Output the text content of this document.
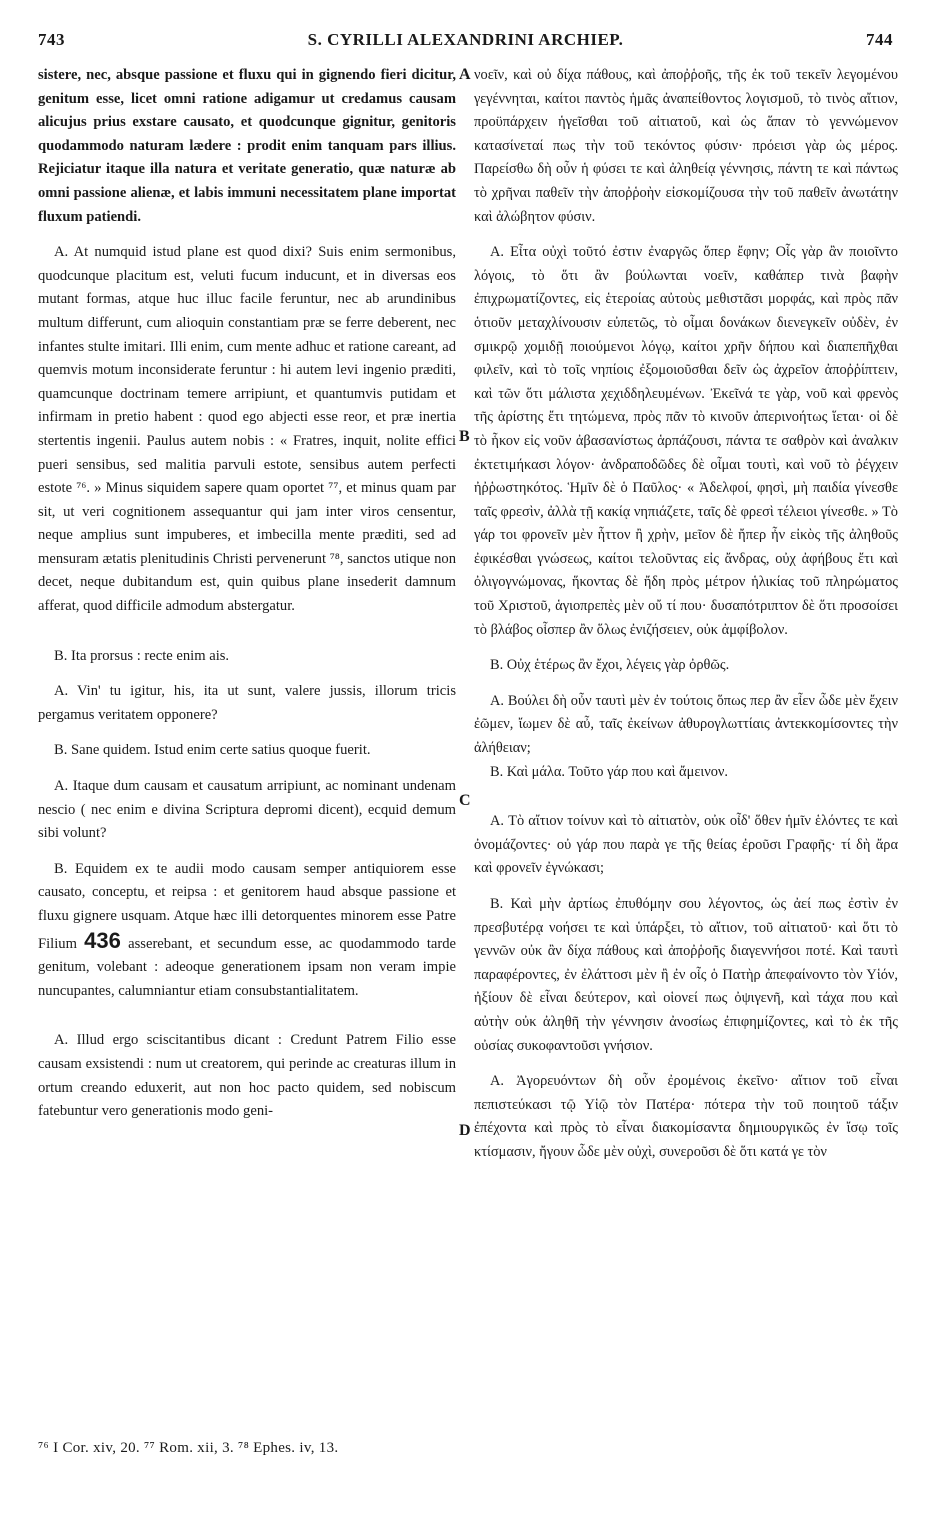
743	S. CYRILLI ALEXANDRINI ARCHIEP.	744
A
B
C
D

sistere, nec, absque passione et fluxu qui in gignendo fieri dicitur, genitum esse, licet omni ratione adigamur ut credamus causam alicujus prius exstare causato, et quodcunque gignitur, genitoris quodammodo naturam lædere : prodit enim tanquam pars illius. Rejiciatur itaque illa natura et veritate generatio, quæ naturæ ab omni passione alienæ, et labis immuni necessitatem plane importat fluxum patiendi.

A. At numquid istud plane est quod dixi? Suis enim sermonibus, quodcunque placitum est, veluti fucum inducunt, et in diversas eos mutant formas, atque huc illuc facile feruntur, nec ab arundinibus multum differunt, cum alioquin constantiam præ se ferre deberent, nec infantes stulte imitari. Illi enim, cum mente adhuc et ratione careant, ad quemvis motum inconsiderate feruntur : hi autem levi ingenio præditi, quamcunque doctrinam temere arripiunt, et quantumvis putidam et infirmam in pretio habent : quod ego abjecti esse reor, et præ inertia stertentis ingenii. Paulus autem nobis : « Fratres, inquit, nolite effici pueri sensibus, sed malitia parvuli estote, sensibus autem perfecti estote ⁷⁶. » Minus siquidem sapere quam oportet ⁷⁷, et minus quam par sit, ut veri cognitionem assequantur qui jam inter viros censentur, neque amplius sunt impuberes, et imbecilla mente præditi, sed ad mensuram ætatis plenitudinis Christi pervenerunt ⁷⁸, sanctos utique non decet, neque dubitandum est, quin quibus plane insederit damnum afferat, quod difficile admodum abstergatur.

B. Ita prorsus : recte enim ais.

A. Vin' tu igitur, his, ita ut sunt, valere jussis, illorum tricis pergamus veritatem opponere?

B. Sane quidem. Istud enim certe satius quoque fuerit.

A. Itaque dum causam et causatum arripiunt, ac nominant undenam nescio ( nec enim e divina Scriptura depromi dicent), ecquid demum sibi volunt?

B. Equidem ex te audii modo causam semper antiquiorem esse causato, conceptu, et reipsa : et genitorem haud absque passione et fluxu gignere usquam. Atque hæc illi detorquentes minorem esse Patre Filium 436 asserebant, et secundum esse, ac quodammodo tarde genitum, volebant : adeoque generationem ipsam non veram impie nuncupantes, calumniantur etiam consubstantialitatem.

A. Illud ergo sciscitantibus dicant : Credunt Patrem Filio esse causam exsistendi : num ut creatorem, qui perinde ac creaturas illum in ortum creando eduxerit, aut non hoc pacto quidem, sed nobiscum fatebuntur vero generationis modo geni-

νοεῖν, καὶ οὐ δίχα πάθους, καὶ ἀποῤῥοῆς, τῆς ἐκ τοῦ τεκεῖν λεγομένου γεγέννηται, καίτοι παντὸς ἡμᾶς ἀναπείθοντος λογισμοῦ, τὸ τινὸς αἴτιον, προϋπάρχειν ἡγεῖσθαι τοῦ αἰτιατοῦ, καὶ ὡς ἅπαν τὸ γεννώμενον κατασίνεταί πως τὴν τοῦ τεκόντος φύσιν· πρόεισι γὰρ ὡς μέρος. Παρείσθω δὴ οὖν ἡ φύσει τε καὶ ἀληθείᾳ γέννησις, πάντη τε καὶ πάντως τὸ χρῆναι παθεῖν τὴν ἀποῤῥοὴν εἰσκομίζουσα τὴν τοῦ παθεῖν ἀνωτάτην καὶ ἀλώβητον φύσιν.

A. Εἶτα οὐχὶ τοῦτό ἐστιν ἐναργῶς ὅπερ ἔφην; Οἷς γὰρ ἂν ποιοῖντο λόγοις, τὸ ὅτι ἂν βούλωνται νοεῖν, καθάπερ τινὰ βαφὴν ἐπιχρωματίζοντες, εἰς ἑτεροίας αὐτοὺς μεθιστᾶσι μορφάς, καὶ πρὸς πᾶν ὁτιοῦν μεταχλίνουσιν εὐπετῶς, τὸ οἶμαι δονάκων διενεγκεῖν οὐδὲν, ἐν σμικρῷ χομιδῇ ποιούμενοι λόγῳ, καίτοι χρῆν δήπου καὶ διαπεπῆχθαι φιλεῖν, καὶ τὸ τοῖς νηπίοις ἐξομοιοῦσθαι δεῖν ὡς ἀχρεῖον ἀποῤῥίπτειν, καὶ τῶν ὅτι μάλιστα χεχιδδηλευμένων. Ἐκεῖνά τε γὰρ, νοῦ καὶ φρενὸς τῆς ἀρίστης ἔτι τητώμενα, πρὸς πᾶν τὸ κινοῦν ἀπερινοήτως ἵεται· οἱ δὲ τὸ ἧκον εἰς νοῦν ἀβασανίστως ἁρπάζουσι, πάντα τε σαθρὸν καὶ ἀναλκιν ἐκτετιμήκασι λόγον· ἀνδραποδῶδες δὲ οἶμαι τουτὶ, καὶ νοῦ τὸ ῥέγχειν ἠῤῥωστηκότος. Ἡμῖν δὲ ὁ Παῦλος· « Ἀδελφοί, φησὶ, μὴ παιδία γίνεσθε ταῖς φρεσὶν, ἀλλὰ τῇ κακίᾳ νηπιάζετε, ταῖς δὲ φρεσὶ τέλειοι γίνεσθε. » Τὸ γάρ τοι φρονεῖν μὲν ἧττον ἢ χρὴν, μεῖον δὲ ἤπερ ἦν εἰκὸς τῆς ἀληθοῦς ἐφικέσθαι γνώσεως, καίτοι τελοῦντας εἰς ἄνδρας, οὐχ ἀφήβους ἔτι καὶ ὀλιγογνώμονας, ἥκοντας δὲ ἤδη πρὸς μέτρον ἡλικίας τοῦ πληρώματος τοῦ Χριστοῦ, ἁγιοπρεπὲς μὲν οὔ τί που· δυσαπότριπτον δὲ ὅτι προσοίσει τὸ βλάβος οἷσπερ ἂν ὅλως ἐνιζήσειεν, οὐκ ἀμφίβολον.

B. Οὐχ ἑτέρως ἂν ἔχοι, λέγεις γὰρ ὀρθῶς.

A. Βούλει δὴ οὖν ταυτὶ μὲν ἐν τούτοις ὅπως περ ἂν εἶεν ὧδε μὲν ἔχειν ἐῶμεν, ἴωμεν δὲ αὖ, ταῖς ἐκείνων ἀθυρογλωττίαις ἀντεκκομίσοντες τὴν ἀλήθειαν;

B. Καὶ μάλα. Τοῦτο γάρ που καὶ ἄμεινον.

A. Τὸ αἴτιον τοίνυν καὶ τὸ αἰτιατὸν, οὐκ οἶδ' ὅθεν ἡμῖν ἑλόντες τε καὶ ὀνομάζοντες· οὐ γάρ που παρὰ γε τῆς θείας ἐροῦσι Γραφῆς· τί δὴ ἄρα καὶ φρονεῖν ἐγνώκασι;

B. Καὶ μὴν ἀρτίως ἐπυθόμην σου λέγοντος, ὡς ἀεί πως ἐστὶν ἐν πρεσβυτέρᾳ νοήσει τε καὶ ὑπάρξει, τὸ αἴτιον, τοῦ αἰτιατοῦ· καὶ ὅτι τὸ γεννῶν οὐκ ἂν δίχα πάθους καὶ ἀποῤῥοῆς διαγεννήσοι ποτέ. Καὶ ταυτὶ παραφέροντες, ἐν ἐλάττοσι μὲν ἢ ἐν οἷς ὁ Πατὴρ ἀπεφαίνοντο τὸν Υἱόν, ἠξίουν δὲ εἶναι δεύτερον, καὶ οἱονεί πως ὀψιγενῆ, καὶ τάχα που καὶ αὐτὴν οὐκ ἀληθῆ τὴν γέννησιν ἀνοσίως ἐπιφημίζοντες, καὶ τὸ ἐκ τῆς οὐσίας συκοφαντοῦσι γνήσιον.

A. Ἀγορευόντων δὴ οὖν ἐρομένοις ἐκεῖνο· αἴτιον τοῦ εἶναι πεπιστεύκασι τῷ Υἱῷ τὸν Πατέρα· πότερα τὴν τοῦ ποιητοῦ τάξιν ἐπέχοντα καὶ πρὸς τὸ εἶναι διακομίσαντα δημιουργικῶς ἐν ἴσῳ τοῖς κτίσμασιν, ἤγουν ὧδε μὲν οὐχὶ, συνεροῦσι δὲ ὅτι κατά γε τὸν

⁷⁶ I Cor. xiv, 20. ⁷⁷ Rom. xii, 3. ⁷⁸ Ephes. iv, 13.
